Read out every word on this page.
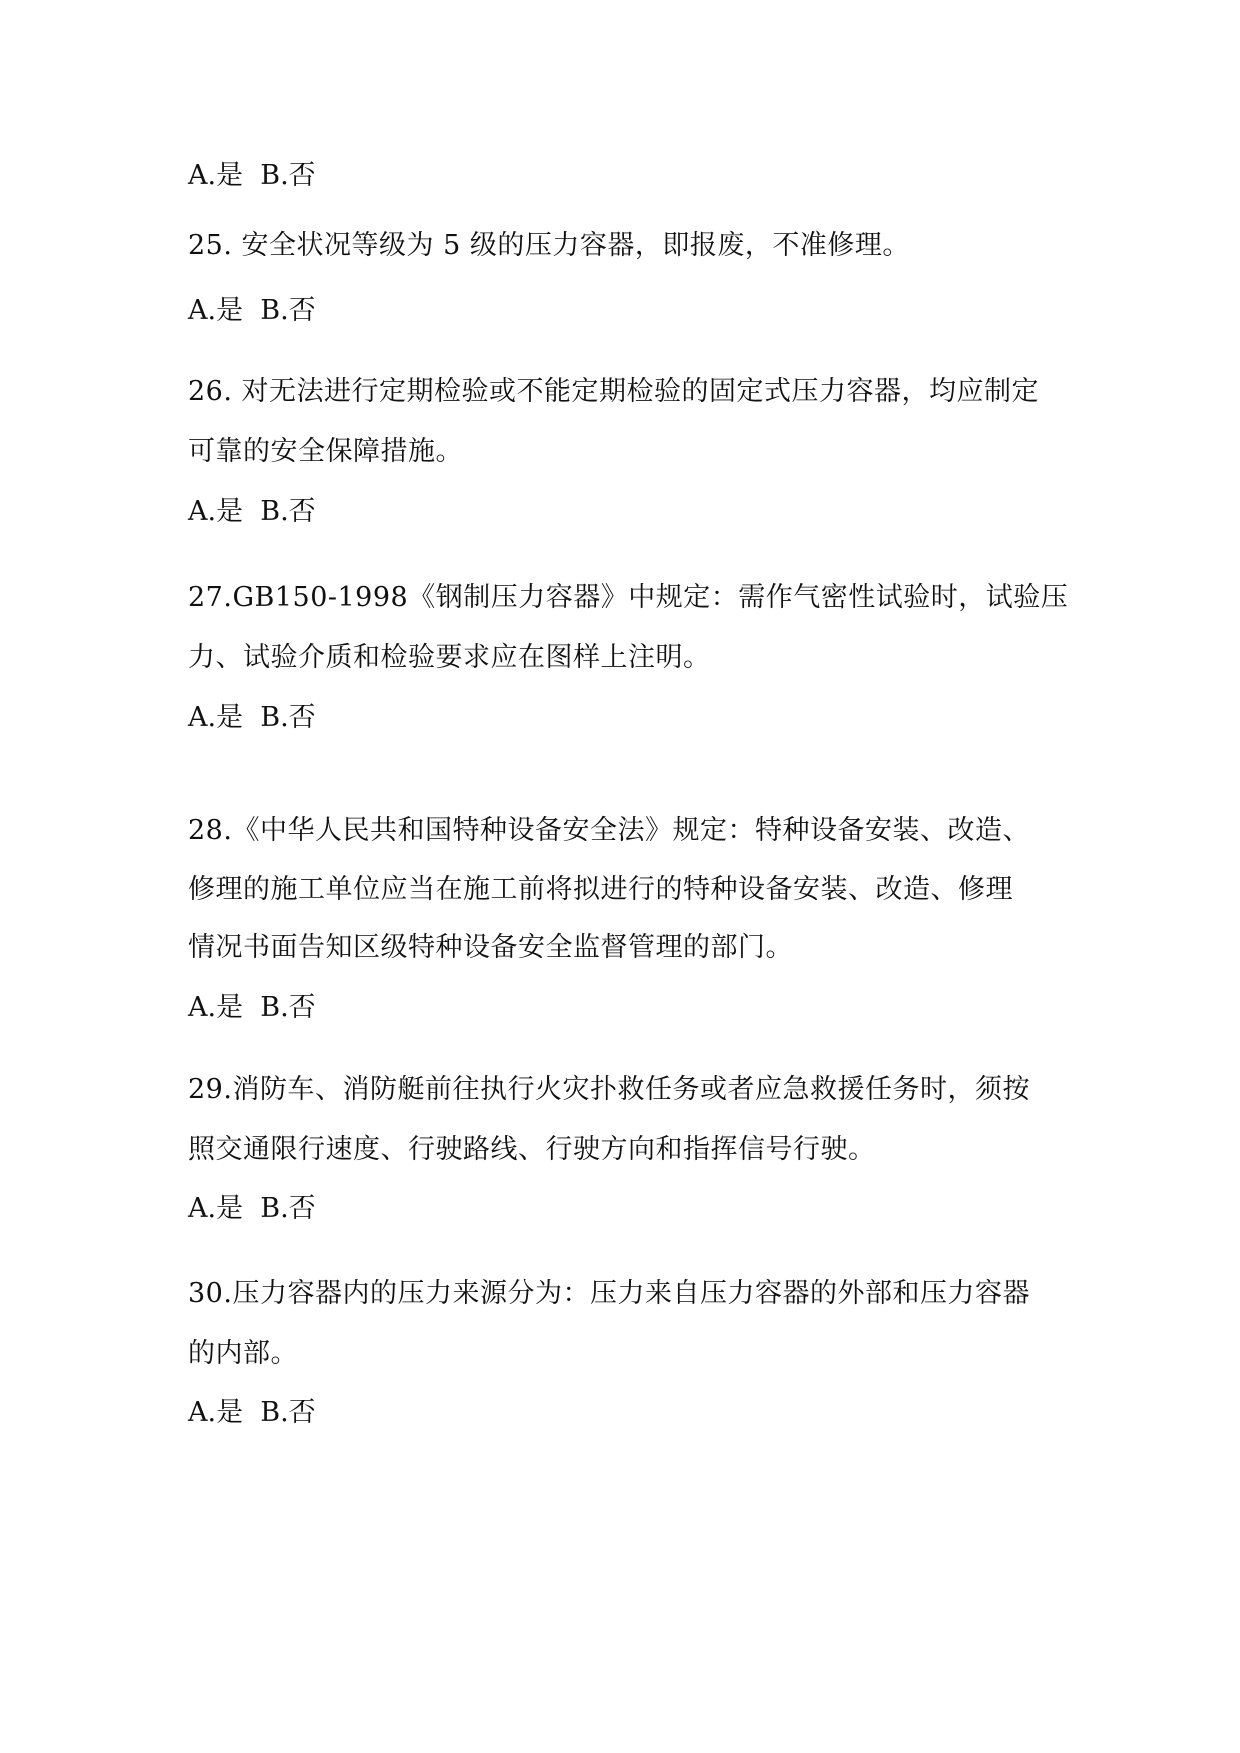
A.是  B.否

25. 安全状况等级为 5 级的压力容器，即报废，不准修理。

A.是  B.否

26. 对无法进行定期检验或不能定期检验的固定式压力容器，均应制定

可靠的安全保障措施。

A.是  B.否

27.GB150-1998《钢制压力容器》中规定：需作气密性试验时，试验压

力、试验介质和检验要求应在图样上注明。

A.是  B.否

28.《中华人民共和国特种设备安全法》规定：特种设备安装、改造、

修理的施工单位应当在施工前将拟进行的特种设备安装、改造、修理

情况书面告知区级特种设备安全监督管理的部门。

A.是  B.否

29.消防车、消防艇前往执行火灾扑救任务或者应急救援任务时，须按

照交通限行速度、行驶路线、行驶方向和指挥信号行驶。

A.是  B.否

30.压力容器内的压力来源分为：压力来自压力容器的外部和压力容器

的内部。

A.是  B.否
